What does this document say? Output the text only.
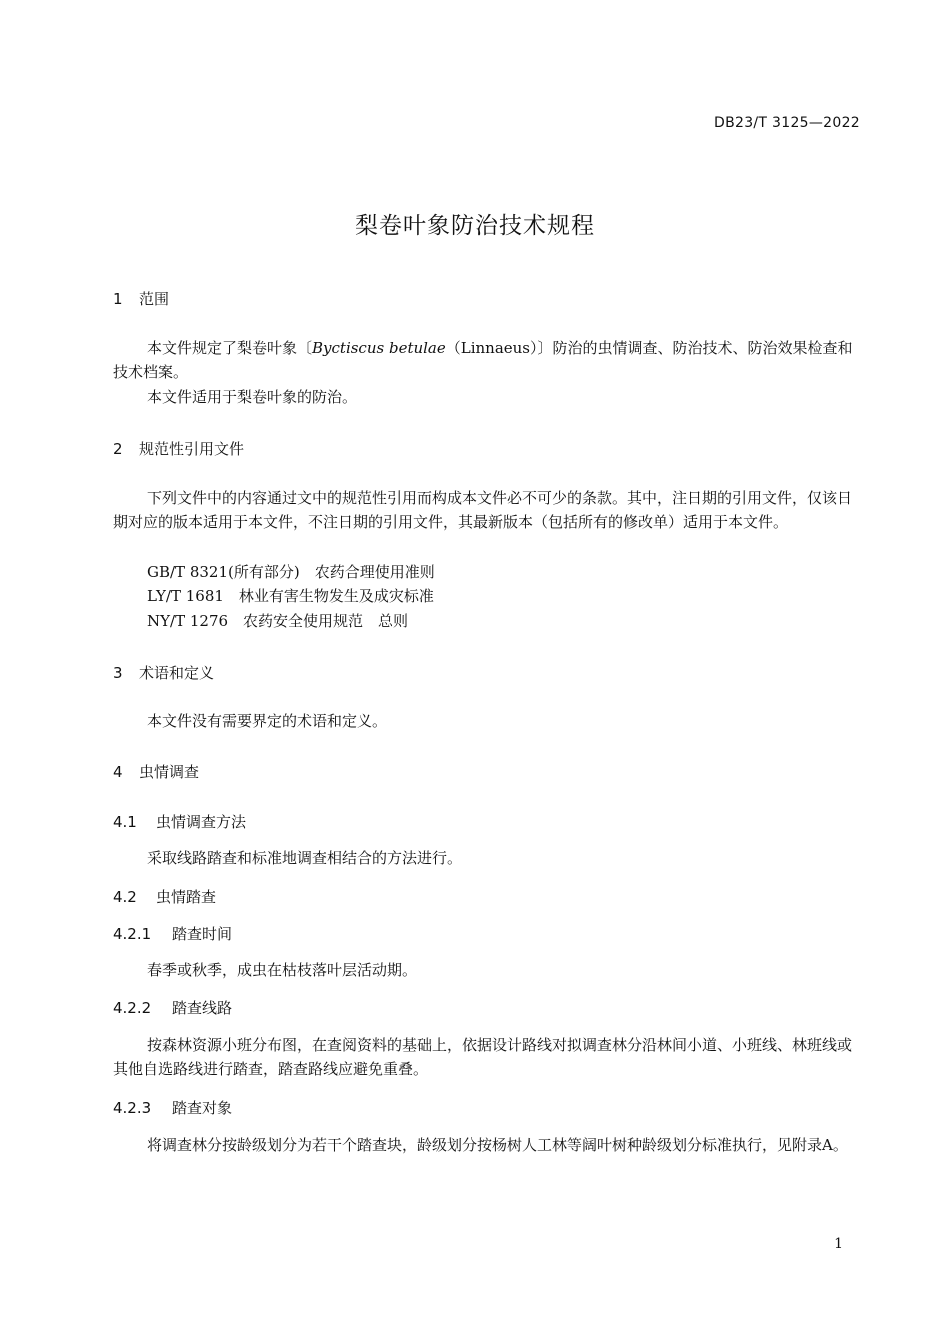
DB23/T 3125—2022
梨卷叶象防治技术规程
1 范围
本文件规定了梨卷叶象〔Byctiscus betulae（Linnaeus）〕防治的虫情调查、防治技术、防治效果检查和技术档案。
本文件适用于梨卷叶象的防治。
2 规范性引用文件
下列文件中的内容通过文中的规范性引用而构成本文件必不可少的条款。其中，注日期的引用文件，仅该日期对应的版本适用于本文件，不注日期的引用文件，其最新版本（包括所有的修改单）适用于本文件。
GB/T 8321(所有部分)　 农药合理使用准则
LY/T 1681　 林业有害生物发生及成灾标准
NY/T 1276　 农药安全使用规范　总则
3 术语和定义
本文件没有需要界定的术语和定义。
4 虫情调查
4.1 虫情调查方法
采取线路踏查和标准地调查相结合的方法进行。
4.2 虫情踏查
4.2.1 踏查时间
春季或秋季，成虫在枯枝落叶层活动期。
4.2.2 踏查线路
按森林资源小班分布图，在查阅资料的基础上，依据设计路线对拟调查林分沿林间小道、小班线、林班线或其他自选路线进行踏查，踏查路线应避免重叠。
4.2.3 踏查对象
将调查林分按龄级划分为若干个踏查块，龄级划分按杨树人工林等阔叶树种龄级划分标准执行，见附录A。
1
